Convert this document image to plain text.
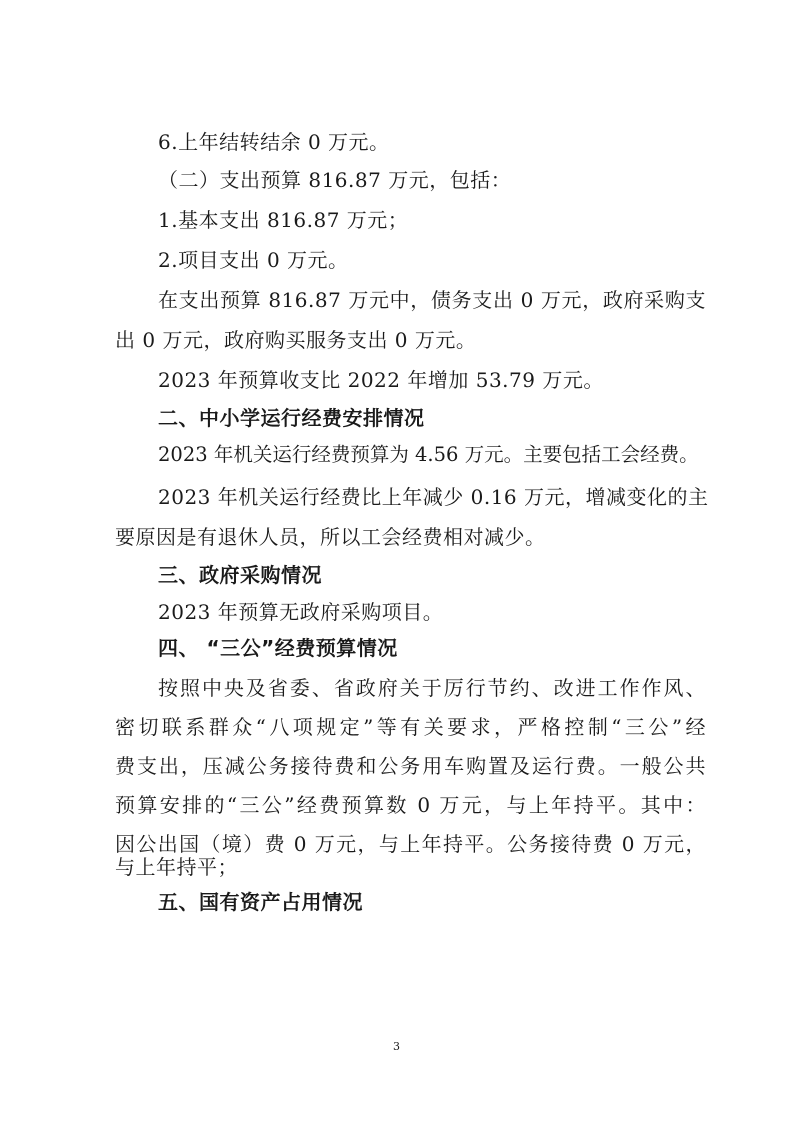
6.上年结转结余 0 万元。
（二）支出预算 816.87 万元，包括：
1.基本支出 816.87 万元；
2.项目支出 0 万元。
在支出预算 816.87 万元中，债务支出 0 万元，政府采购支
出 0 万元，政府购买服务支出 0 万元。
2023 年预算收支比 2022 年增加 53.79 万元。
二、中小学运行经费安排情况
2023 年机关运行经费预算为 4.56 万元。主要包括工会经费。
2023 年机关运行经费比上年减少 0.16 万元，增减变化的主
要原因是有退休人员，所以工会经费相对减少。
三、政府采购情况
2023 年预算无政府采购项目。
四、 “三公”经费预算情况
按照中央及省委、省政府关于厉行节约、改进工作作风、
密切联系群众“八项规定”等有关要求，严格控制“三公”经
费支出，压减公务接待费和公务用车购置及运行费。一般公共
预算安排的“三公”经费预算数 0 万元，与上年持平。其中：
因公出国（境）费 0 万元，与上年持平。公务接待费 0 万元，
与上年持平；
五、国有资产占用情况
3
